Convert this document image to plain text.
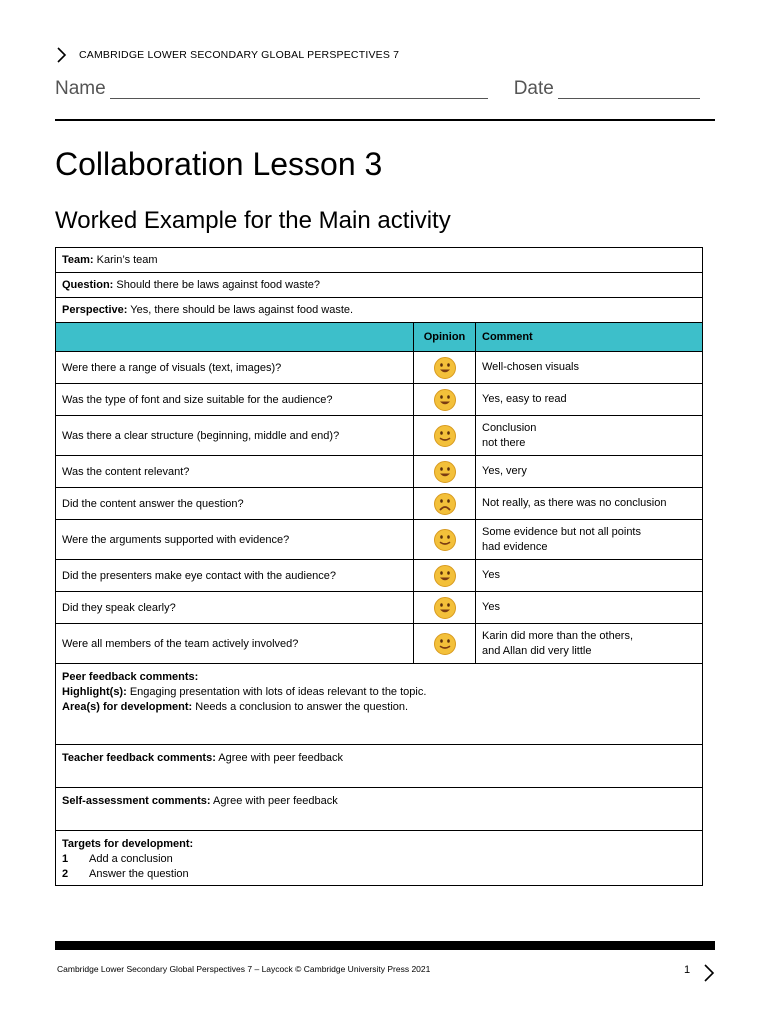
CAMBRIDGE LOWER SECONDARY GLOBAL PERSPECTIVES 7
Name	Date
Collaboration Lesson 3
Worked Example for the Main activity
Team: Karin’s team		
Question: Should there be laws against food waste?		
Perspective: Yes, there should be laws against food waste.		
	Opinion	Comment
Were there a range of visuals (text, images)?		Well-chosen visuals
Was the type of font and size suitable for the audience?		Yes, easy to read
Was there a clear structure (beginning, middle and end)?		Conclusion
not there
Was the content relevant?		Yes, very
Did the content answer the question?		Not really, as there was no conclusion
Were the arguments supported with evidence?		Some evidence but not all points
had evidence
Did the presenters make eye contact with the audience?		Yes
Did they speak clearly?		Yes
Were all members of the team actively involved?		Karin did more than the others,
and Allan did very little
Peer feedback comments:
Highlight(s): Engaging presentation with lots of ideas relevant to the topic.
Area(s) for development: Needs a conclusion to answer the question.		
Teacher feedback comments: Agree with peer feedback		
Self-assessment comments: Agree with peer feedback		
Targets for development:
1 Add a conclusion
2 Answer the question		
Cambridge Lower Secondary Global Perspectives 7 – Laycock © Cambridge University Press 2021	1
